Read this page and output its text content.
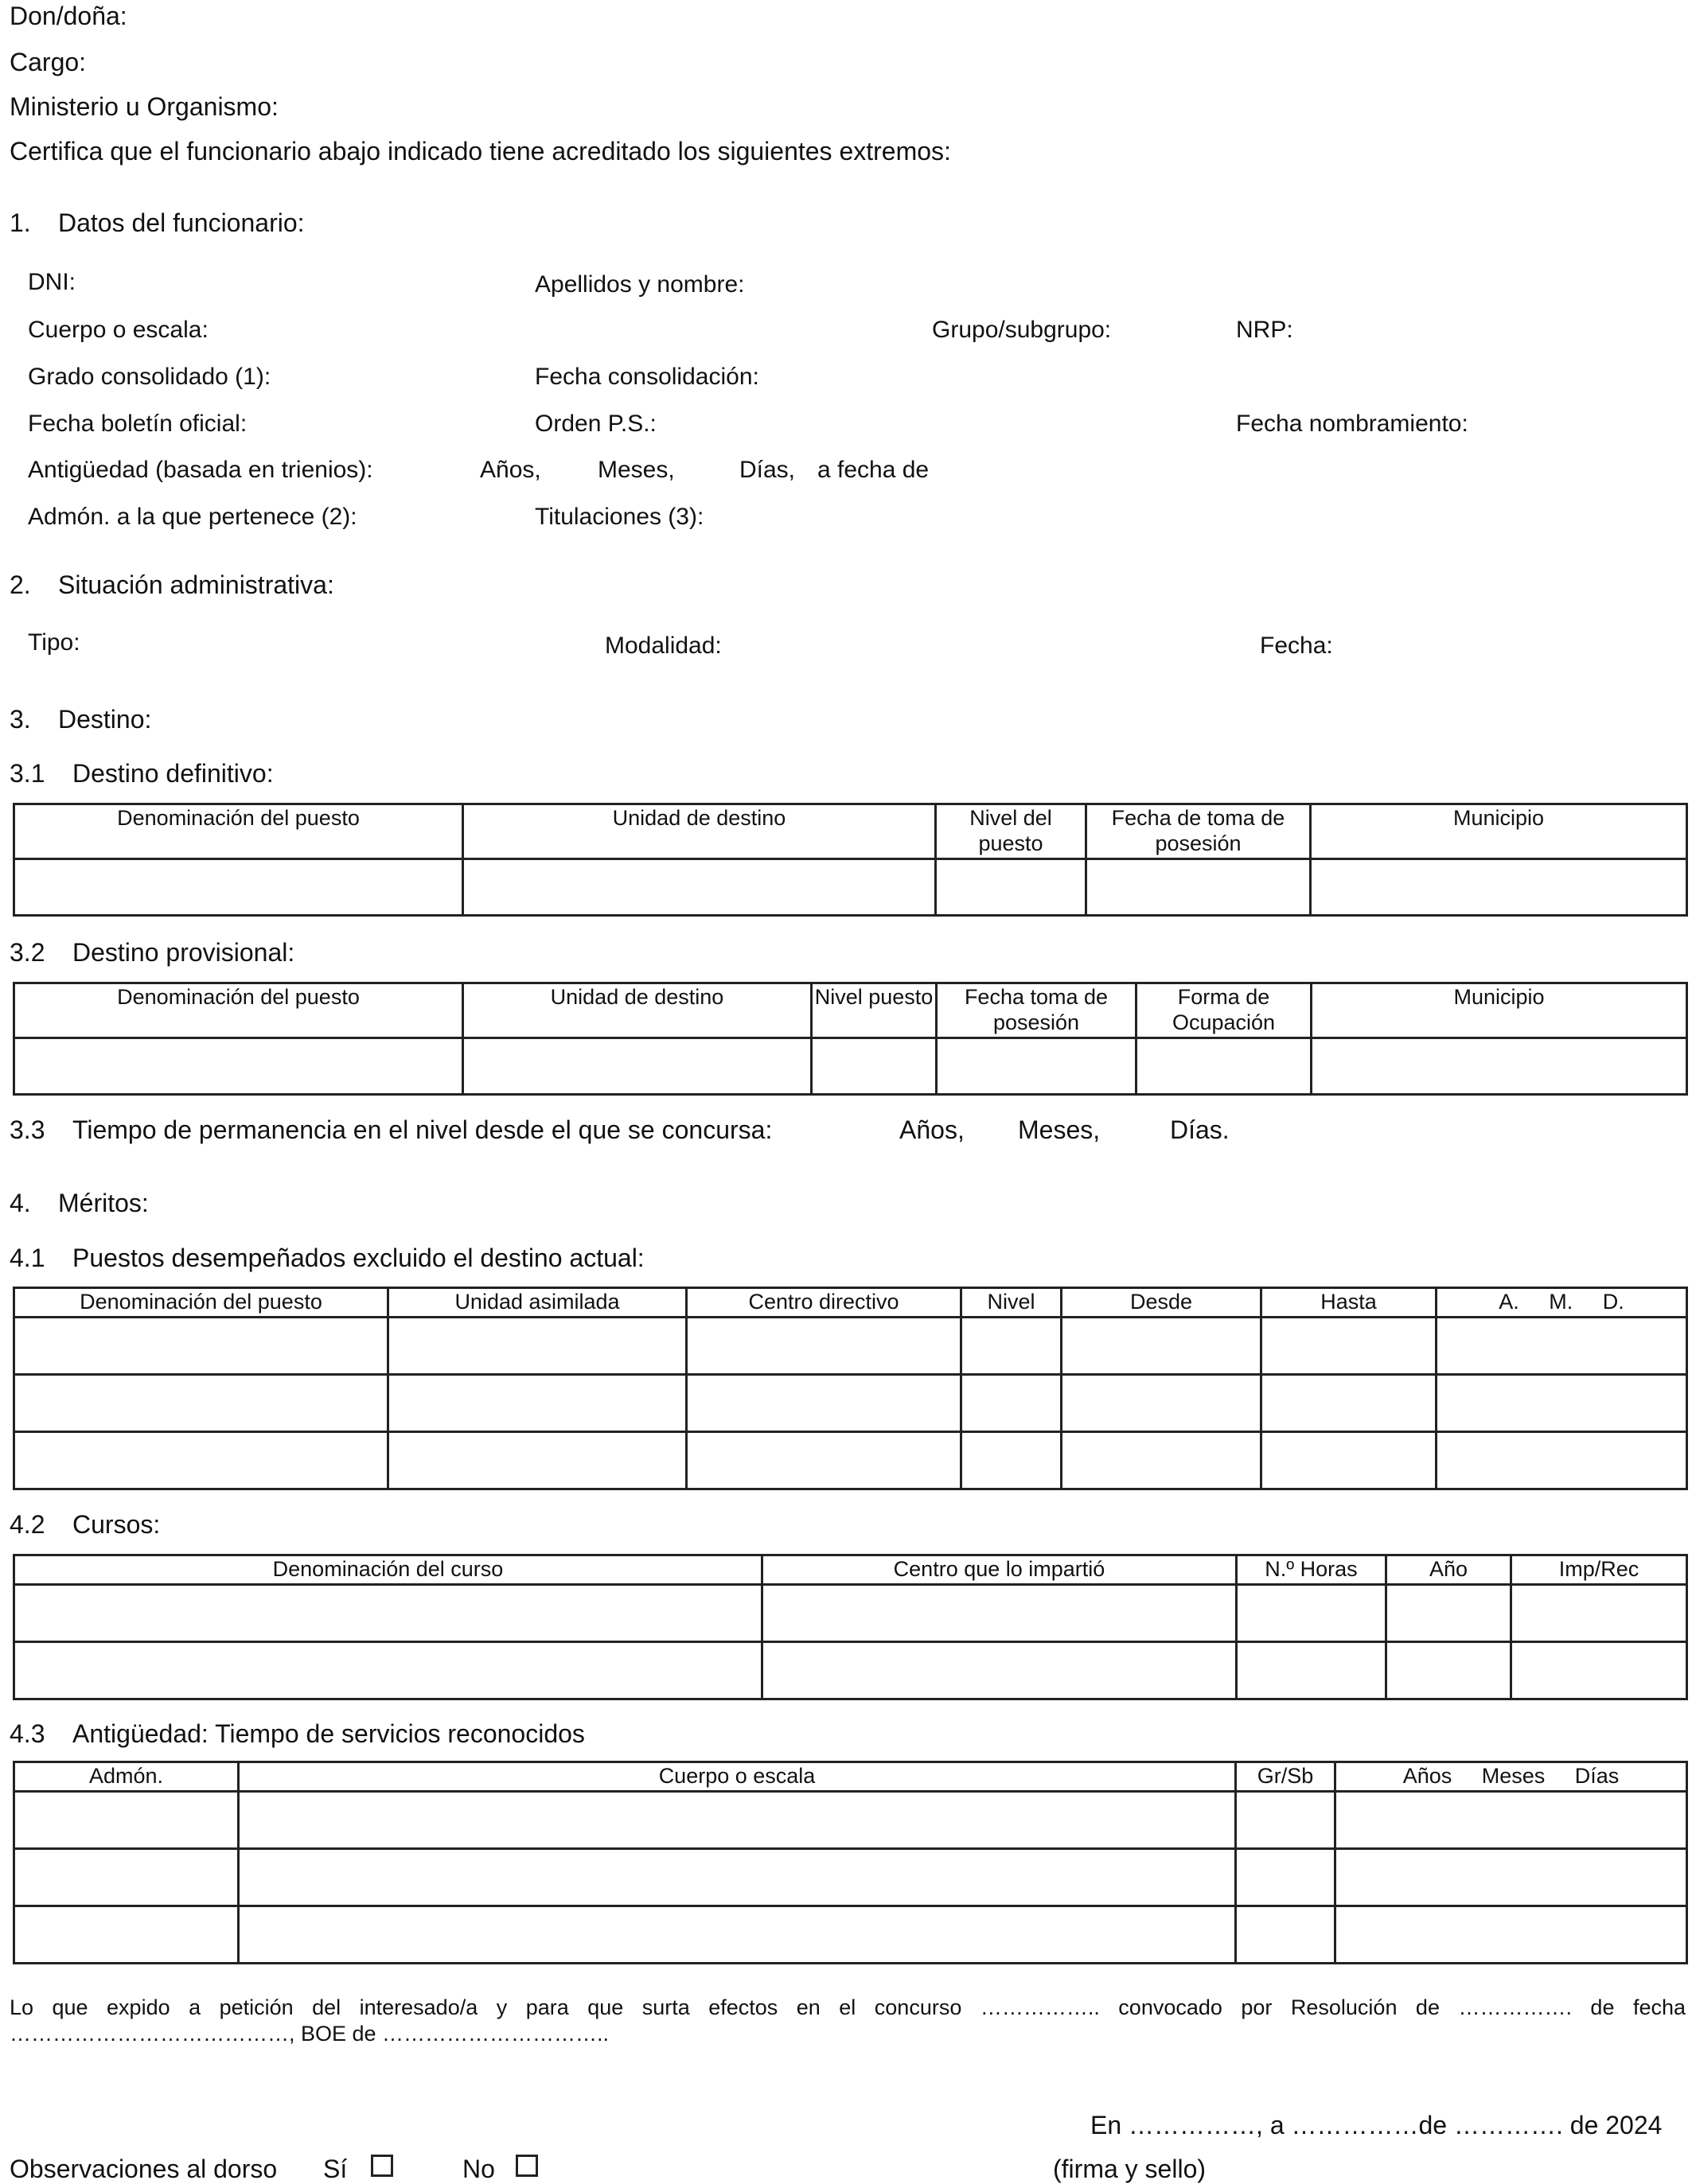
Don/doña:
Cargo:
Ministerio u Organismo:
Certifica que el funcionario abajo indicado tiene acreditado los siguientes extremos:
1. Datos del funcionario:
DNI:	Apellidos y nombre:
Cuerpo o escala:	Grupo/subgrupo:	NRP:
Grado consolidado (1):	Fecha consolidación:
Fecha boletín oficial:	Orden P.S.:	Fecha nombramiento:
Antigüedad (basada en trienios):	Años, Meses,	Días, a fecha de
Admón. a la que pertenece (2):	Titulaciones (3):
2. Situación administrativa:
Tipo:	Modalidad:	Fecha:
3. Destino:
3.1 Destino definitivo:
Denominación del puesto	Unidad de destino	Nivel del puesto	Fecha de toma de posesión	Municipio

3.2 Destino provisional:
Denominación del puesto	Unidad de destino	Nivel puesto	Fecha toma de posesión	Forma de Ocupación	Municipio

3.3 Tiempo de permanencia en el nivel desde el que se concursa:	Años, Meses,	Días.
4. Méritos:
4.1 Puestos desempeñados excluido el destino actual:
Denominación del puesto	Unidad asimilada	Centro directivo	Nivel	Desde	Hasta	A.     M.     D.

4.2 Cursos:
Denominación del curso	Centro que lo impartió	N.º Horas	Año	Imp/Rec

4.3 Antigüedad: Tiempo de servicios reconocidos
Admón.	Cuerpo o escala	Gr/Sb	Años     Meses     Días

Lo que expido a petición del interesado/a y para que surta efectos en el concurso …………….. convocado por Resolución de ……………. de fecha …………………………………, BOE de …………………………..
En ……………, a ……………de …………. de 2024
Observaciones al dorso Sí	No	(firma y sello)
